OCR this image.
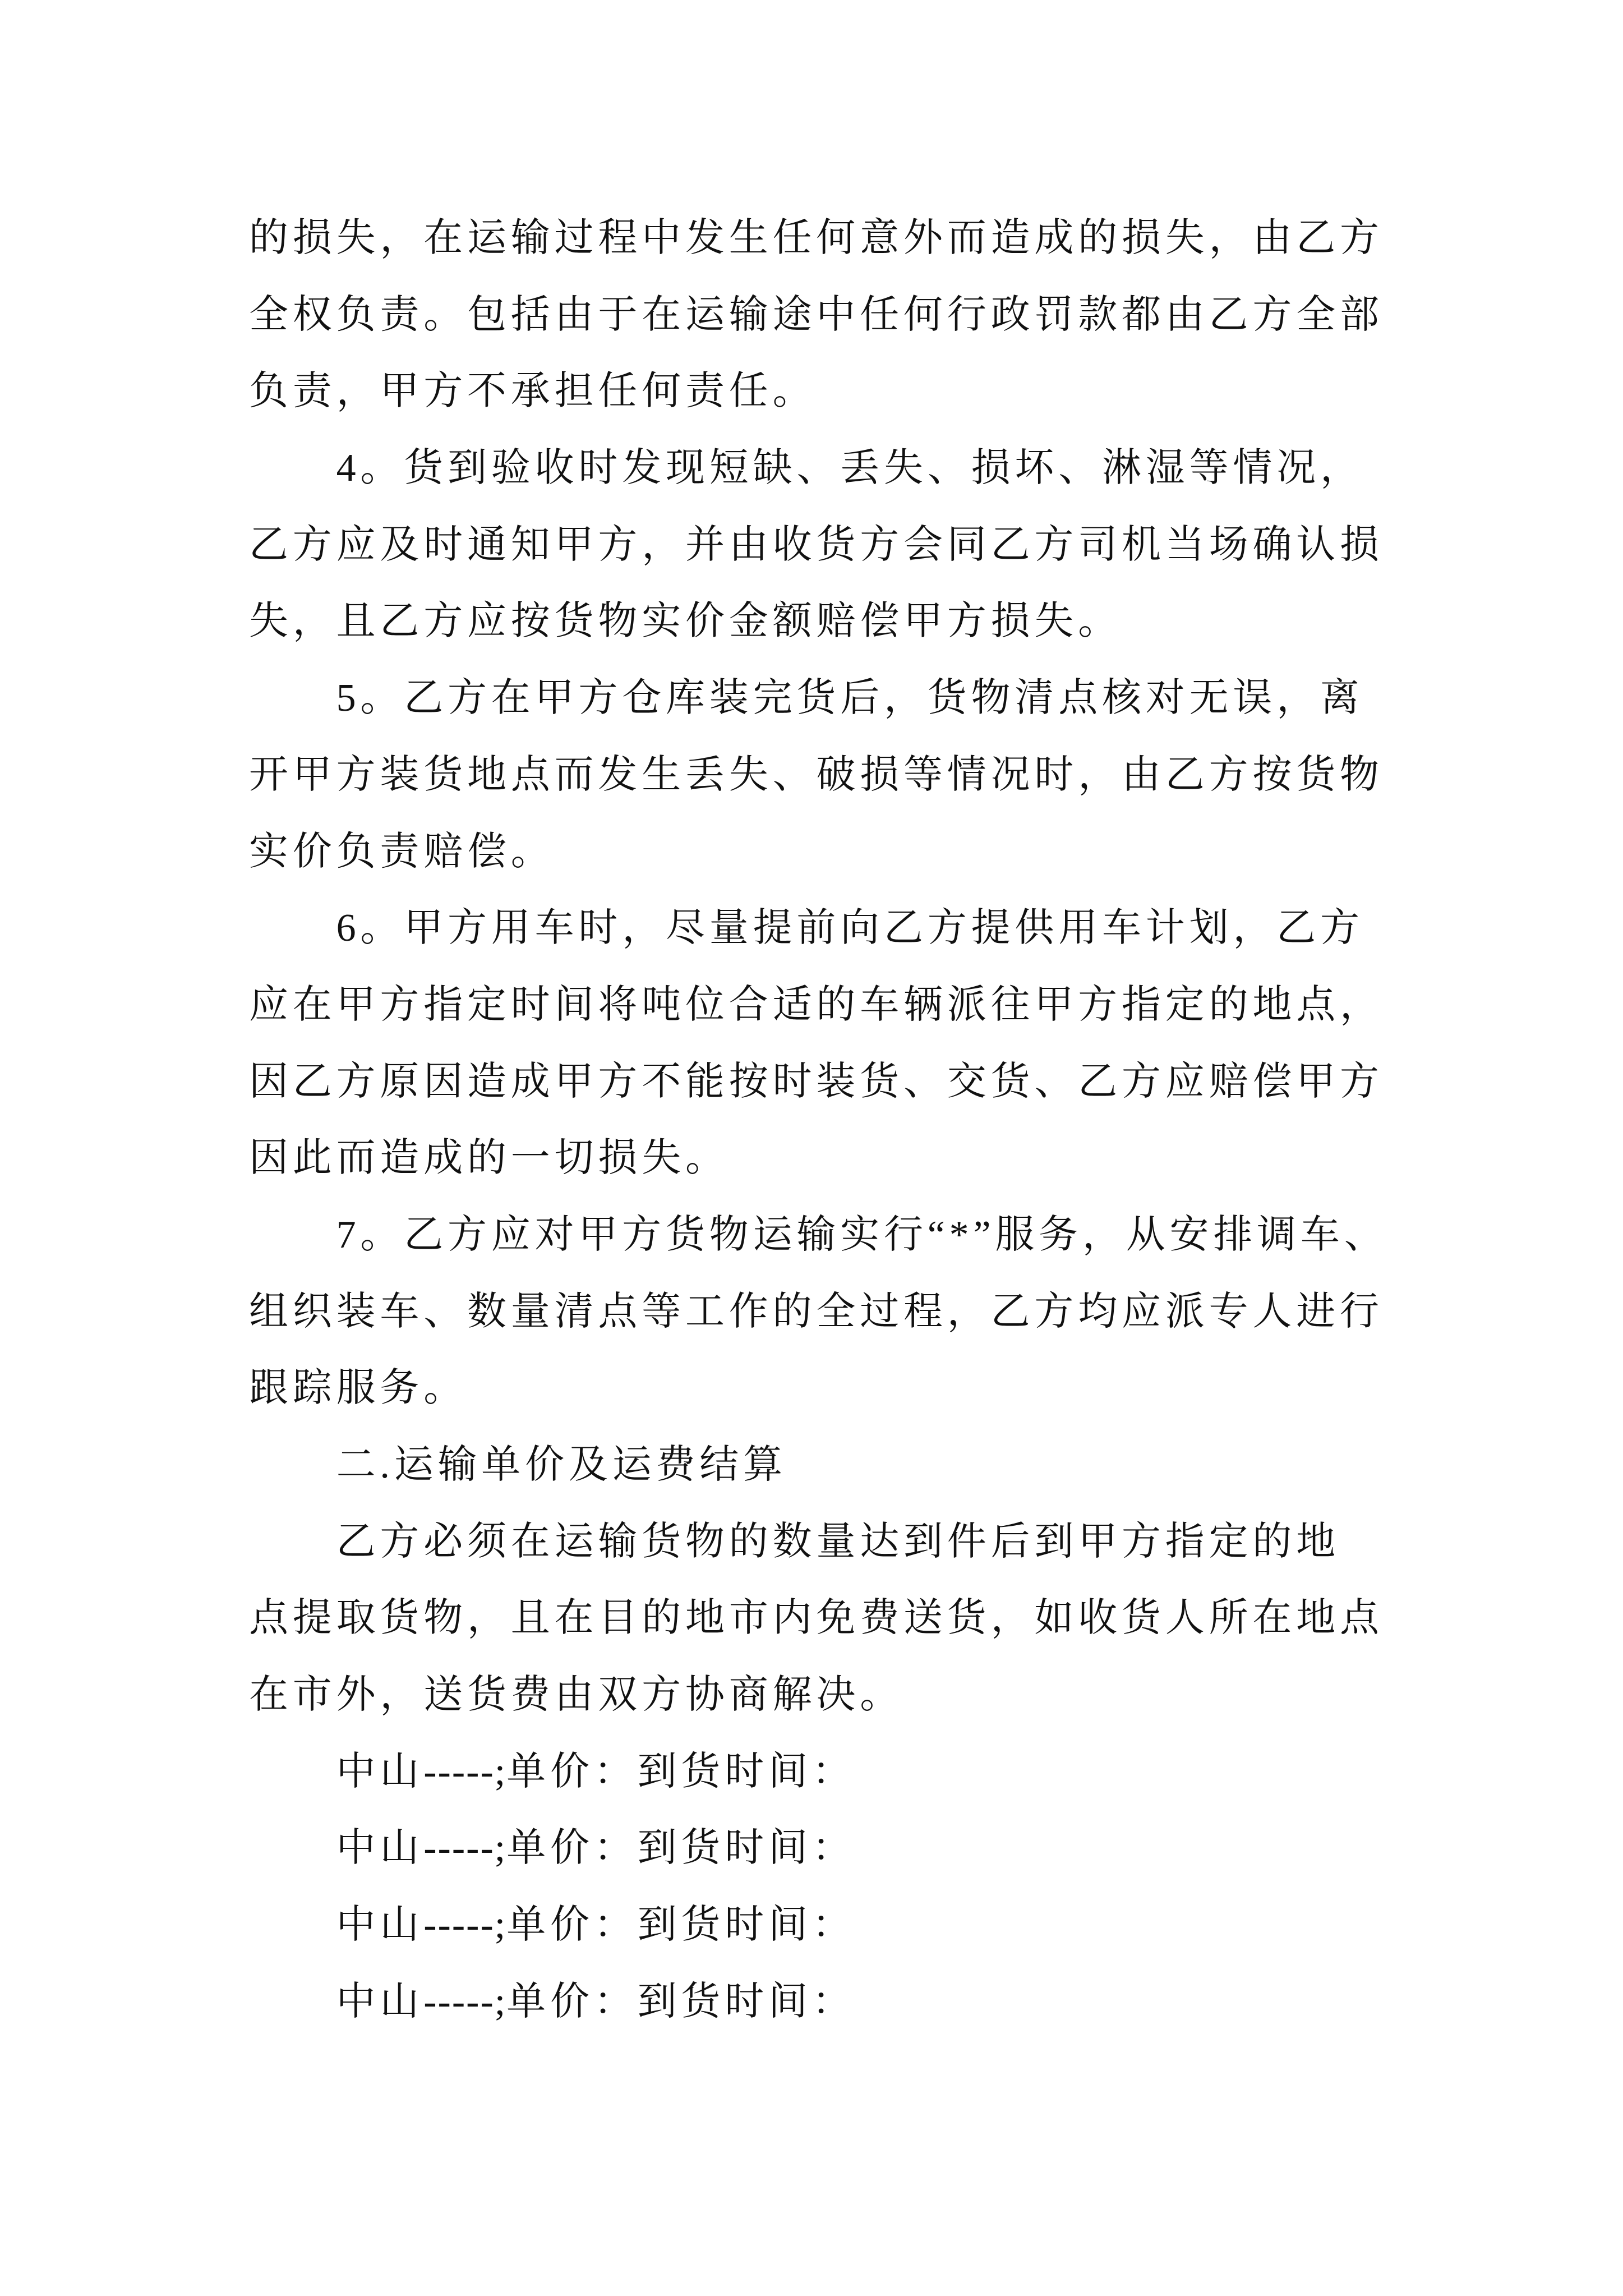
的损失，在运输过程中发生任何意外而造成的损失，由乙方
全权负责。包括由于在运输途中任何行政罚款都由乙方全部
负责，甲方不承担任何责任。
4。货到验收时发现短缺、丢失、损坏、淋湿等情况，
乙方应及时通知甲方，并由收货方会同乙方司机当场确认损
失，且乙方应按货物实价金额赔偿甲方损失。
5。乙方在甲方仓库装完货后，货物清点核对无误，离
开甲方装货地点而发生丢失、破损等情况时，由乙方按货物
实价负责赔偿。
6。甲方用车时，尽量提前向乙方提供用车计划，乙方
应在甲方指定时间将吨位合适的车辆派往甲方指定的地点，
因乙方原因造成甲方不能按时装货、交货、乙方应赔偿甲方
因此而造成的一切损失。
7。乙方应对甲方货物运输实行“*”服务，从安排调车、
组织装车、数量清点等工作的全过程，乙方均应派专人进行
跟踪服务。
二.运输单价及运费结算
乙方必须在运输货物的数量达到件后到甲方指定的地
点提取货物，且在目的地市内免费送货，如收货人所在地点
在市外，送货费由双方协商解决。
中山-----;单价：到货时间：
中山-----;单价：到货时间：
中山-----;单价：到货时间：
中山-----;单价：到货时间：
